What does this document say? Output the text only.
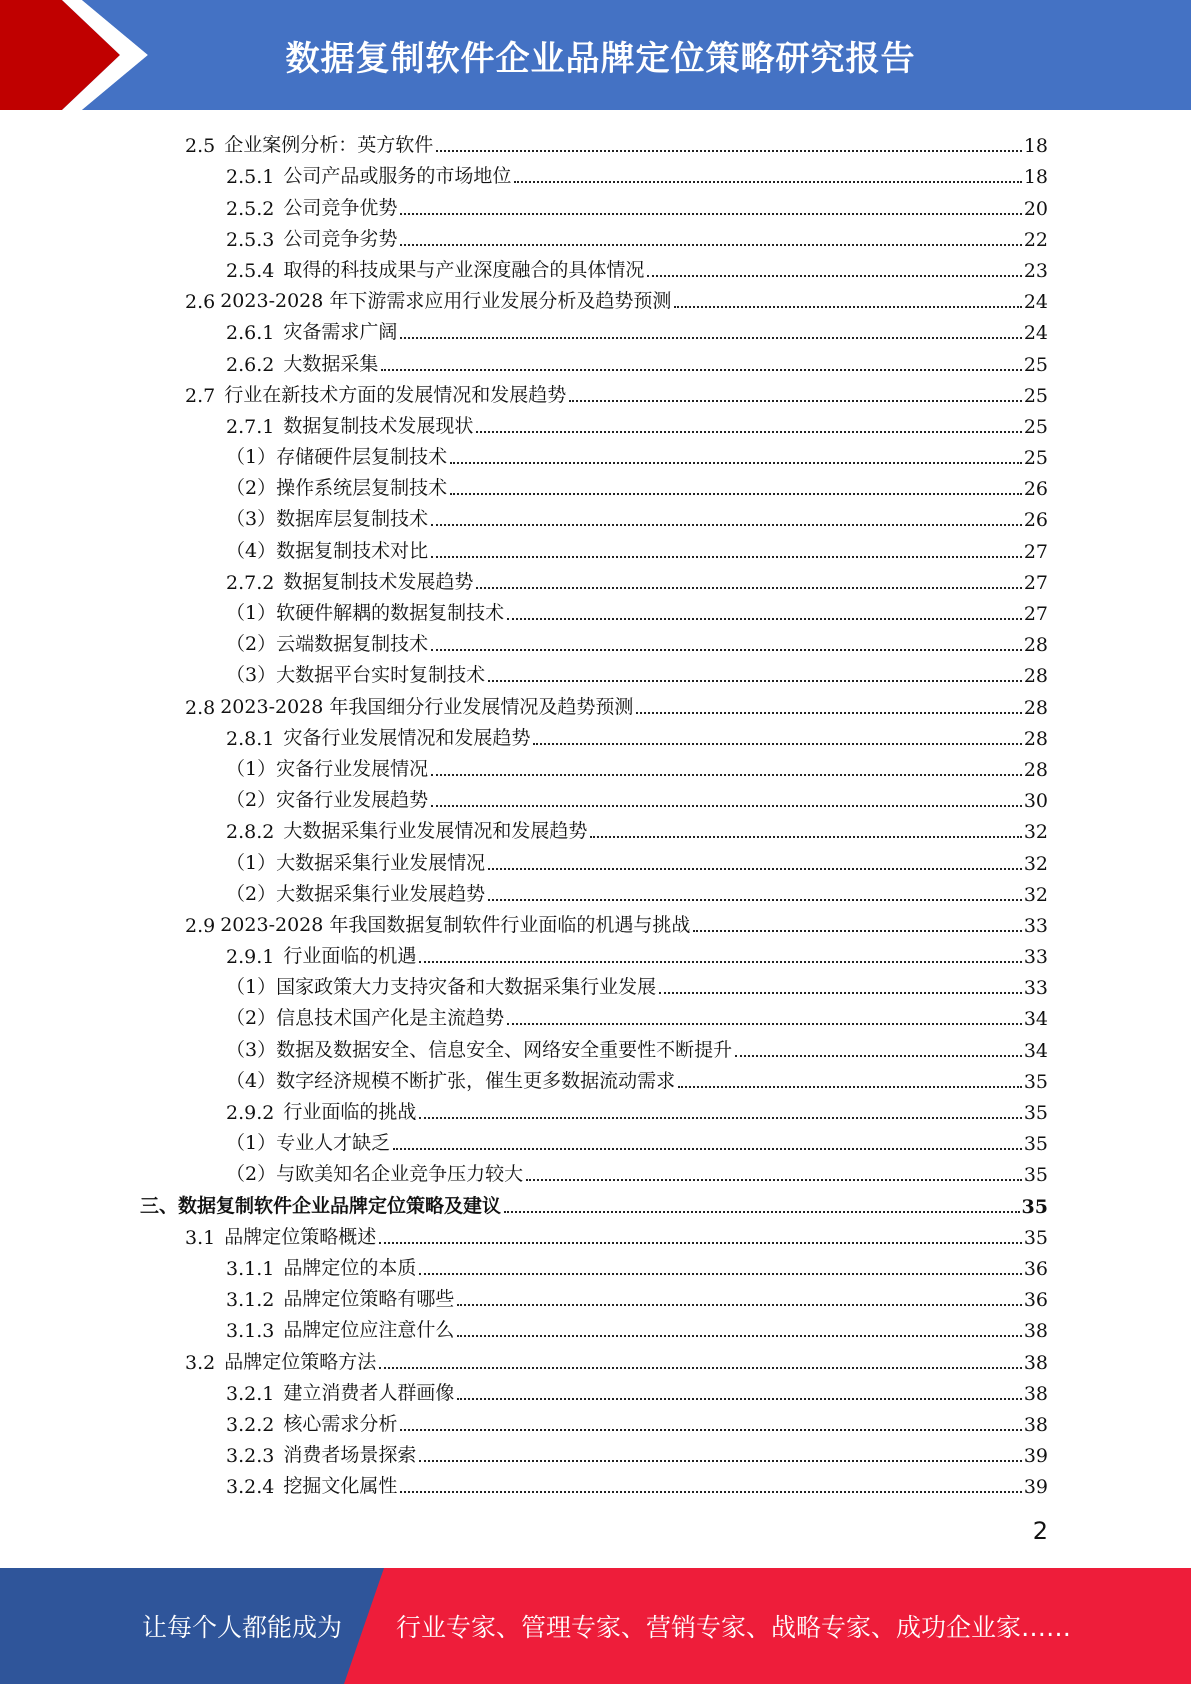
数据复制软件企业品牌定位策略研究报告
2.5 企业案例分析：英方软件	18
2.5.1 公司产品或服务的市场地位	18
2.5.2 公司竞争优势	20
2.5.3 公司竞争劣势	22
2.5.4 取得的科技成果与产业深度融合的具体情况	23
2.6 2023-2028 年下游需求应用行业发展分析及趋势预测	24
2.6.1 灾备需求广阔	24
2.6.2 大数据采集	25
2.7 行业在新技术方面的发展情况和发展趋势	25
2.7.1 数据复制技术发展现状	25
（1）存储硬件层复制技术	25
（2）操作系统层复制技术	26
（3）数据库层复制技术	26
（4）数据复制技术对比	27
2.7.2 数据复制技术发展趋势	27
（1）软硬件解耦的数据复制技术	27
（2）云端数据复制技术	28
（3）大数据平台实时复制技术	28
2.8 2023-2028 年我国细分行业发展情况及趋势预测	28
2.8.1 灾备行业发展情况和发展趋势	28
（1）灾备行业发展情况	28
（2）灾备行业发展趋势	30
2.8.2 大数据采集行业发展情况和发展趋势	32
（1）大数据采集行业发展情况	32
（2）大数据采集行业发展趋势	32
2.9 2023-2028 年我国数据复制软件行业面临的机遇与挑战	33
2.9.1 行业面临的机遇	33
（1）国家政策大力支持灾备和大数据采集行业发展	33
（2）信息技术国产化是主流趋势	34
（3）数据及数据安全、信息安全、网络安全重要性不断提升	34
（4）数字经济规模不断扩张，催生更多数据流动需求	35
2.9.2 行业面临的挑战	35
（1）专业人才缺乏	35
（2）与欧美知名企业竞争压力较大	35
三、数据复制软件企业品牌定位策略及建议	35
3.1 品牌定位策略概述	35
3.1.1 品牌定位的本质	36
3.1.2 品牌定位策略有哪些	36
3.1.3 品牌定位应注意什么	38
3.2 品牌定位策略方法	38
3.2.1 建立消费者人群画像	38
3.2.2 核心需求分析	38
3.2.3 消费者场景探索	39
3.2.4 挖掘文化属性	39
2
让每个人都能成为 行业专家、管理专家、营销专家、战略专家、成功企业家……
